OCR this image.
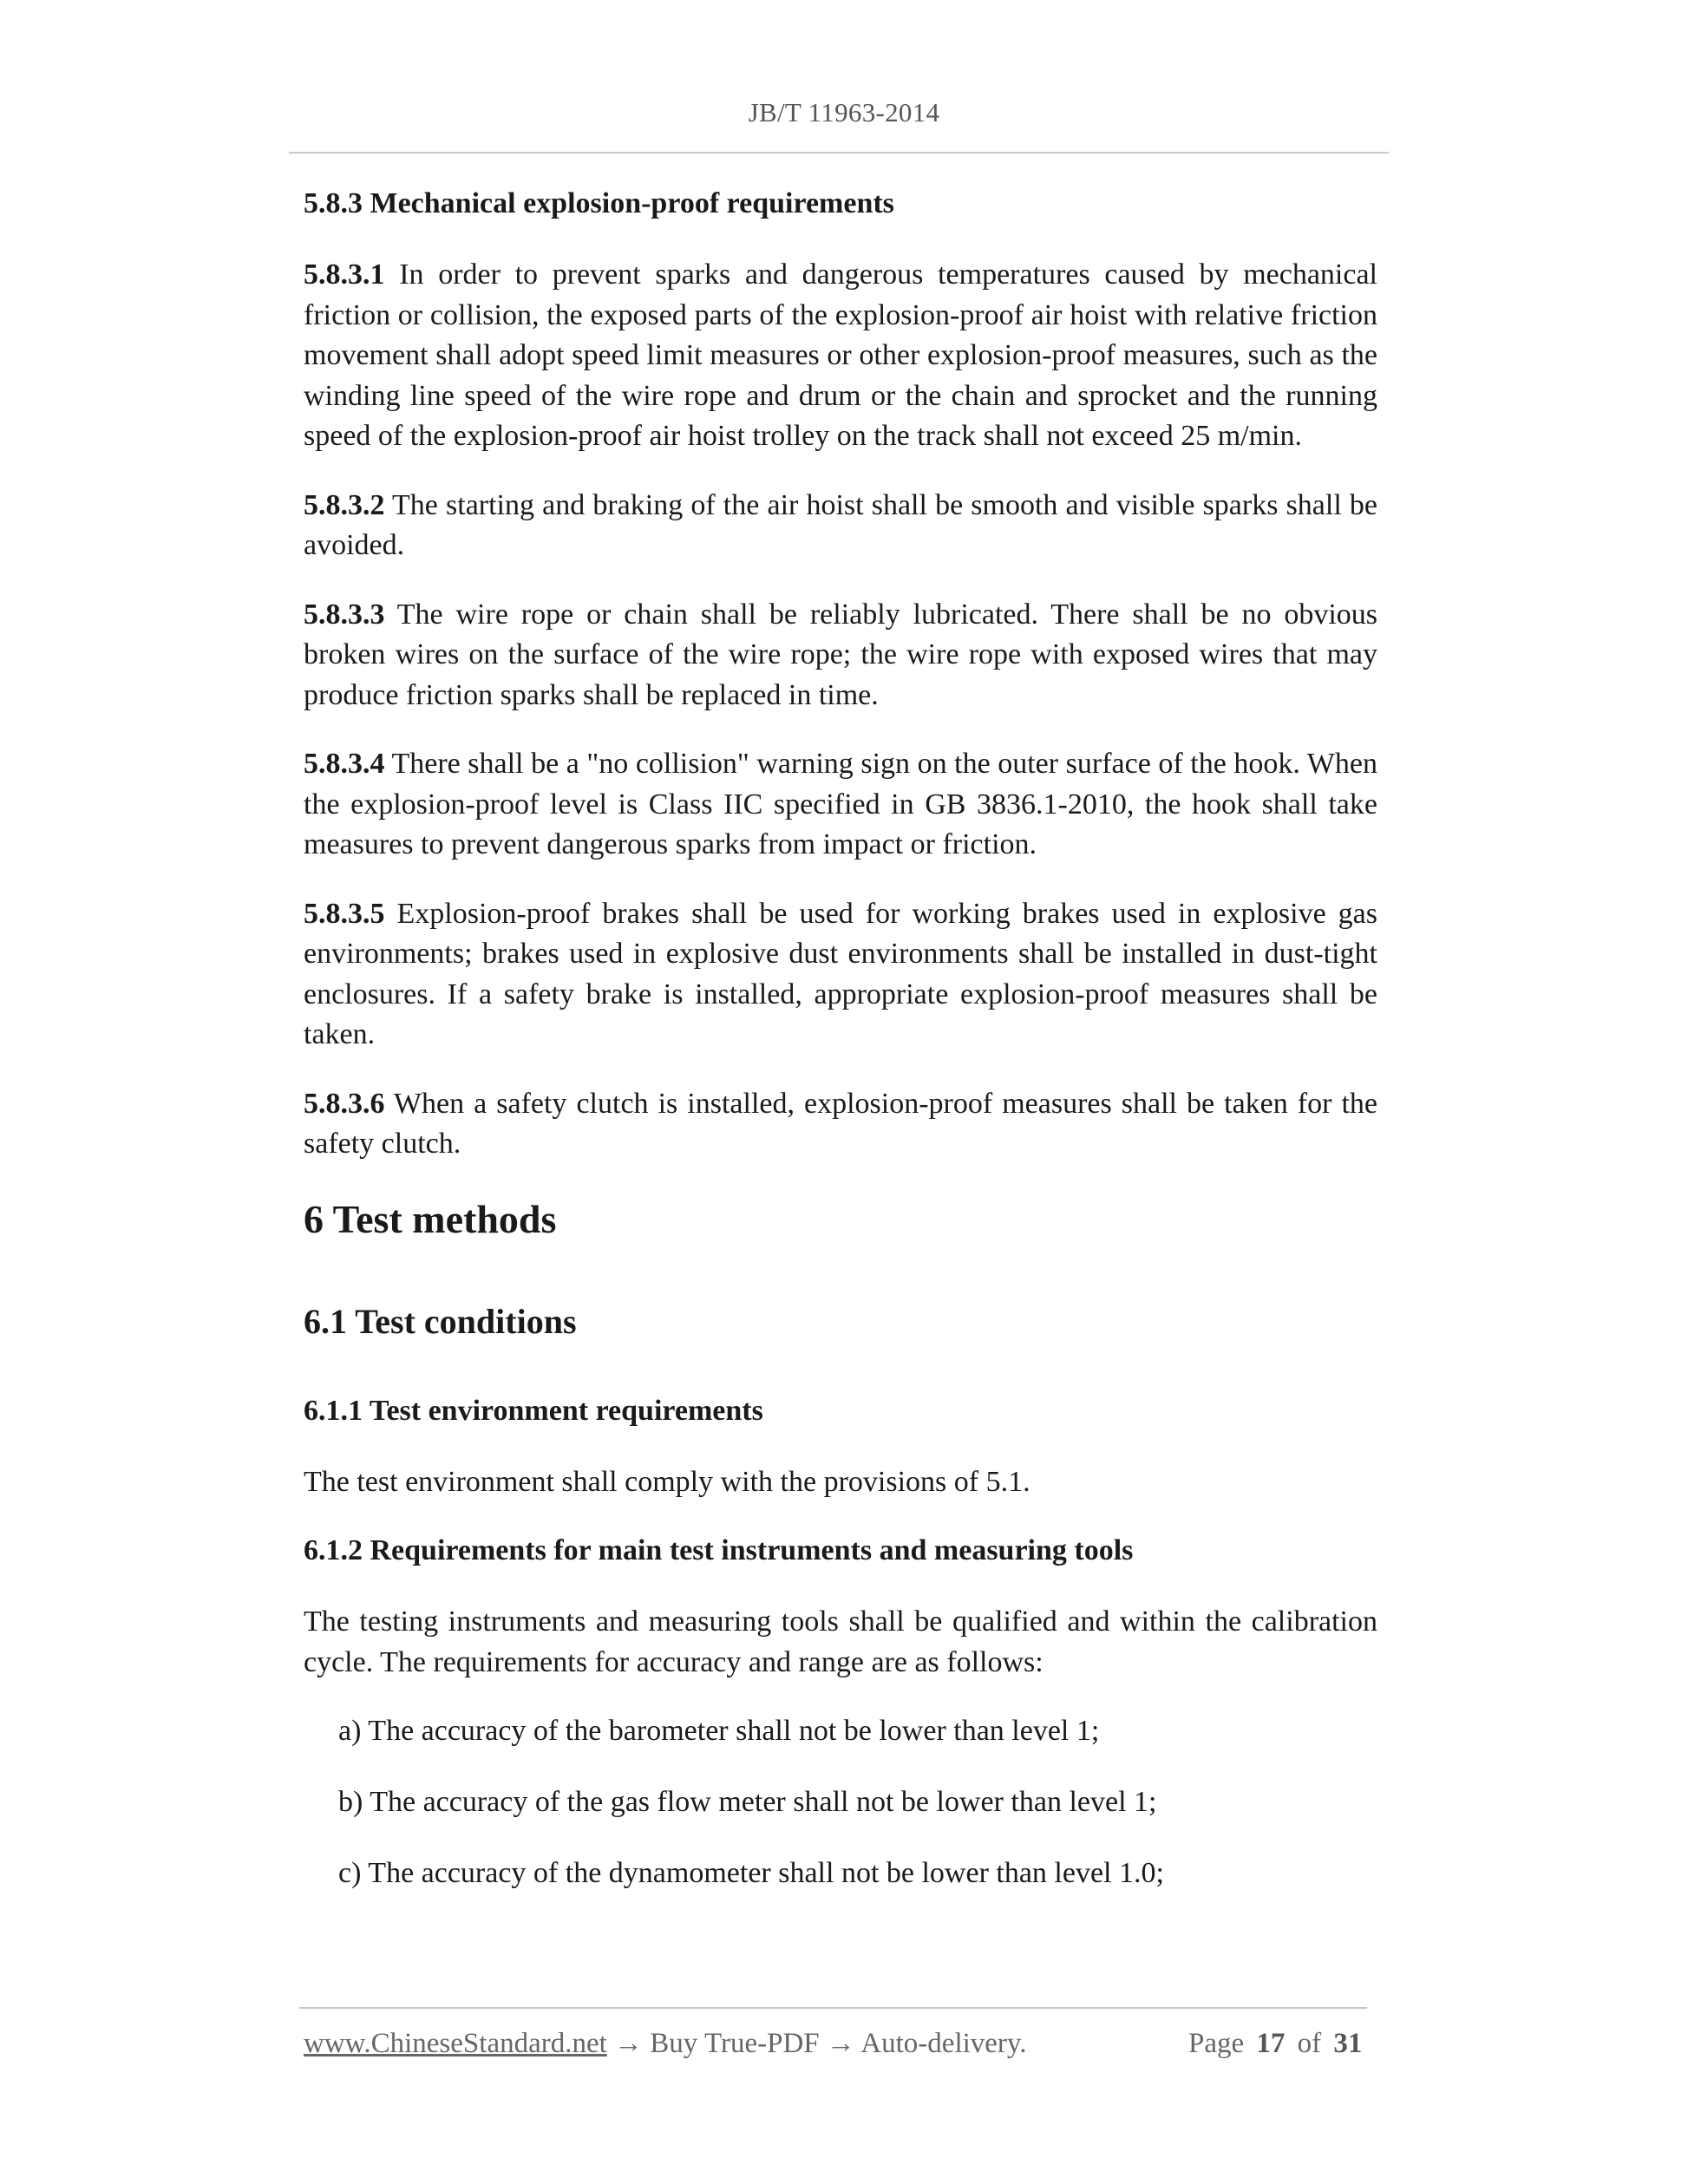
JB/T 11963-2014
5.8.3 Mechanical explosion-proof requirements

5.8.3.1 In order to prevent sparks and dangerous temperatures caused by mechanical friction or collision, the exposed parts of the explosion-proof air hoist with relative friction movement shall adopt speed limit measures or other explosion-proof measures, such as the winding line speed of the wire rope and drum or the chain and sprocket and the running speed of the explosion-proof air hoist trolley on the track shall not exceed 25 m/min.

5.8.3.2 The starting and braking of the air hoist shall be smooth and visible sparks shall be avoided.

5.8.3.3 The wire rope or chain shall be reliably lubricated. There shall be no obvious broken wires on the surface of the wire rope; the wire rope with exposed wires that may produce friction sparks shall be replaced in time.

5.8.3.4 There shall be a "no collision" warning sign on the outer surface of the hook. When the explosion-proof level is Class IIC specified in GB 3836.1-2010, the hook shall take measures to prevent dangerous sparks from impact or friction.

5.8.3.5 Explosion-proof brakes shall be used for working brakes used in explosive gas environments; brakes used in explosive dust environments shall be installed in dust-tight enclosures. If a safety brake is installed, appropriate explosion-proof measures shall be taken.

5.8.3.6 When a safety clutch is installed, explosion-proof measures shall be taken for the safety clutch.

6 Test methods
6.1 Test conditions
6.1.1 Test environment requirements

The test environment shall comply with the provisions of 5.1.

6.1.2 Requirements for main test instruments and measuring tools

The testing instruments and measuring tools shall be qualified and within the calibration cycle. The requirements for accuracy and range are as follows:

a) The accuracy of the barometer shall not be lower than level 1;
b) The accuracy of the gas flow meter shall not be lower than level 1;
c) The accuracy of the dynamometer shall not be lower than level 1.0;
www.ChineseStandard.net → Buy True-PDF → Auto-delivery.	Page 17 of 31
